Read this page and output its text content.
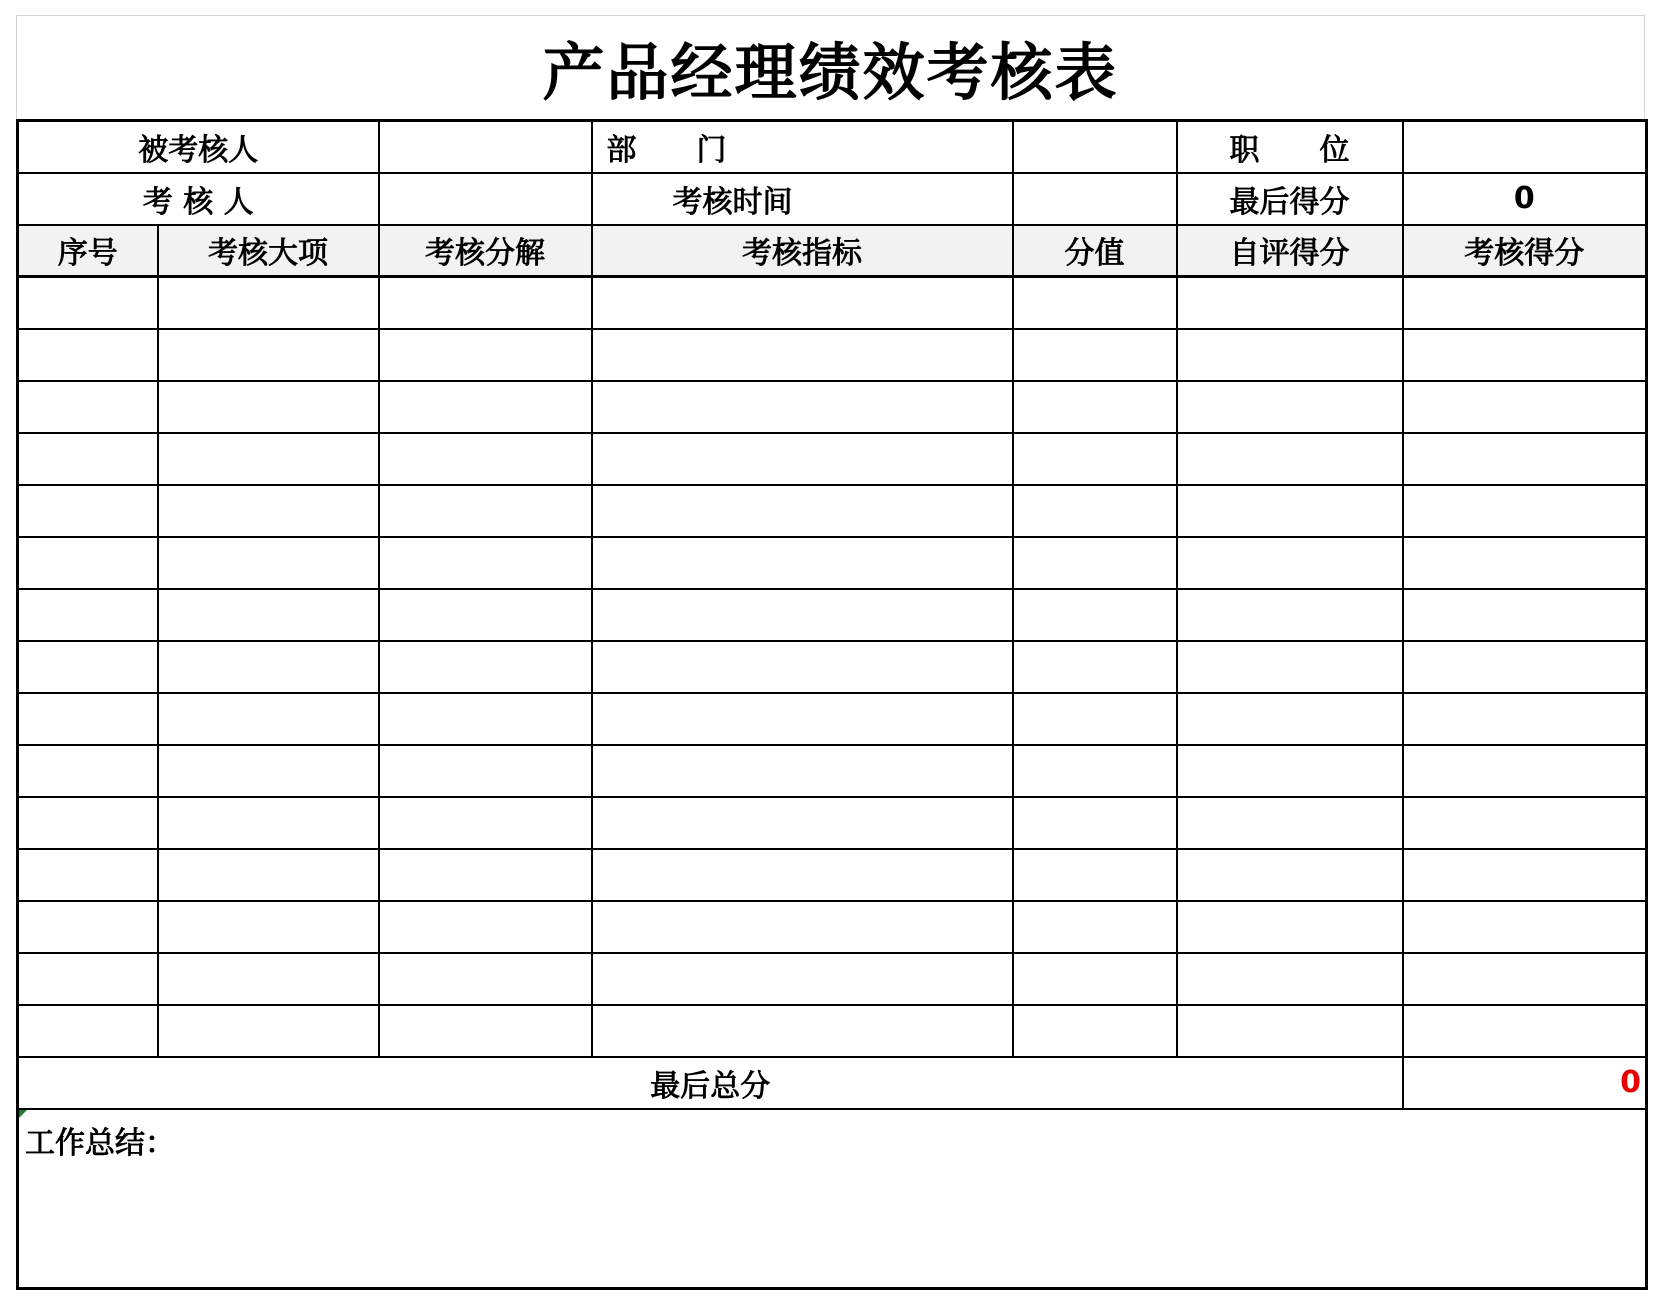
产品经理绩效考核表
被考核人			部　　门		职　　位	
考 核 人			考核时间		最后得分	0
序号	考核大项	考核分解	考核指标	分值	自评得分	考核得分

最后总分						0

工作总结：						
